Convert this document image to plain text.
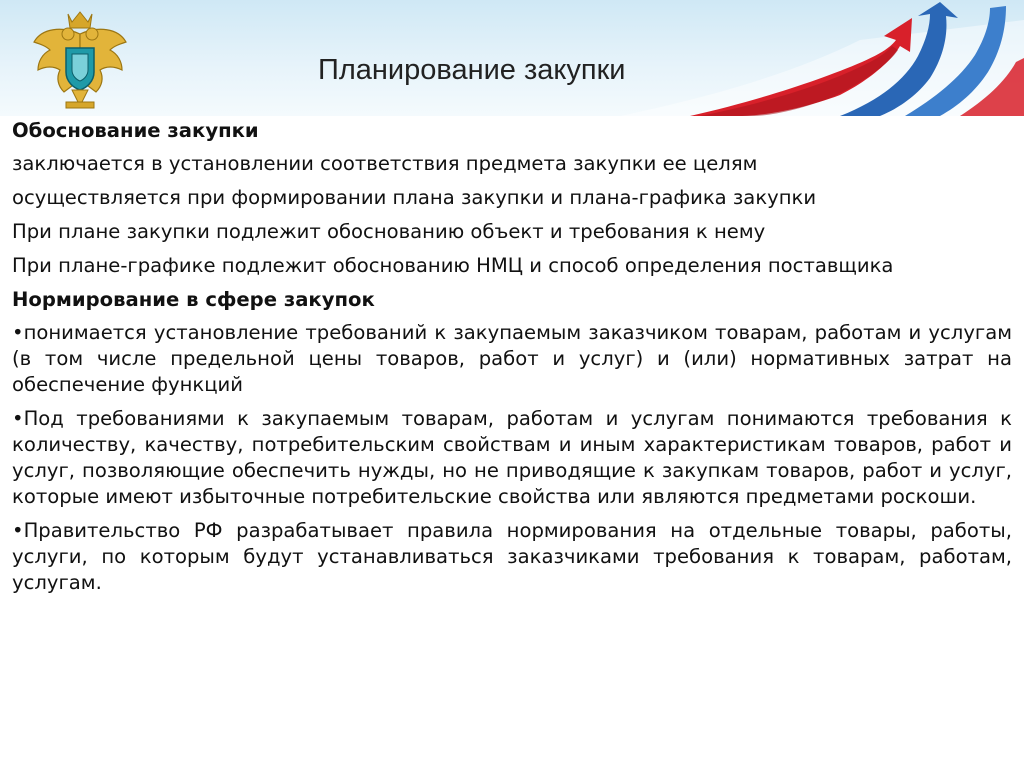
Планирование закупки

Обоснование закупки

заключается в установлении соответствия предмета закупки ее целям

осуществляется при формировании плана закупки и плана-графика закупки

При плане закупки подлежит обоснованию объект и требования к нему

При плане-графике подлежит обоснованию НМЦ и способ определения поставщика

Нормирование в сфере закупок

•понимается установление требований к закупаемым заказчиком товарам, работам и услугам (в том числе предельной цены товаров, работ и услуг) и (или) нормативных затрат на обеспечение функций

•Под требованиями к закупаемым товарам, работам и услугам понимаются требования к количеству, качеству, потребительским свойствам и иным характеристикам товаров, работ и услуг, позволяющие обеспечить нужды, но не приводящие к закупкам товаров, работ и услуг, которые имеют избыточные потребительские свойства или являются предметами роскоши.

•Правительство РФ разрабатывает правила нормирования на отдельные товары, работы, услуги, по которым будут устанавливаться заказчиками требования к товарам, работам, услугам.
